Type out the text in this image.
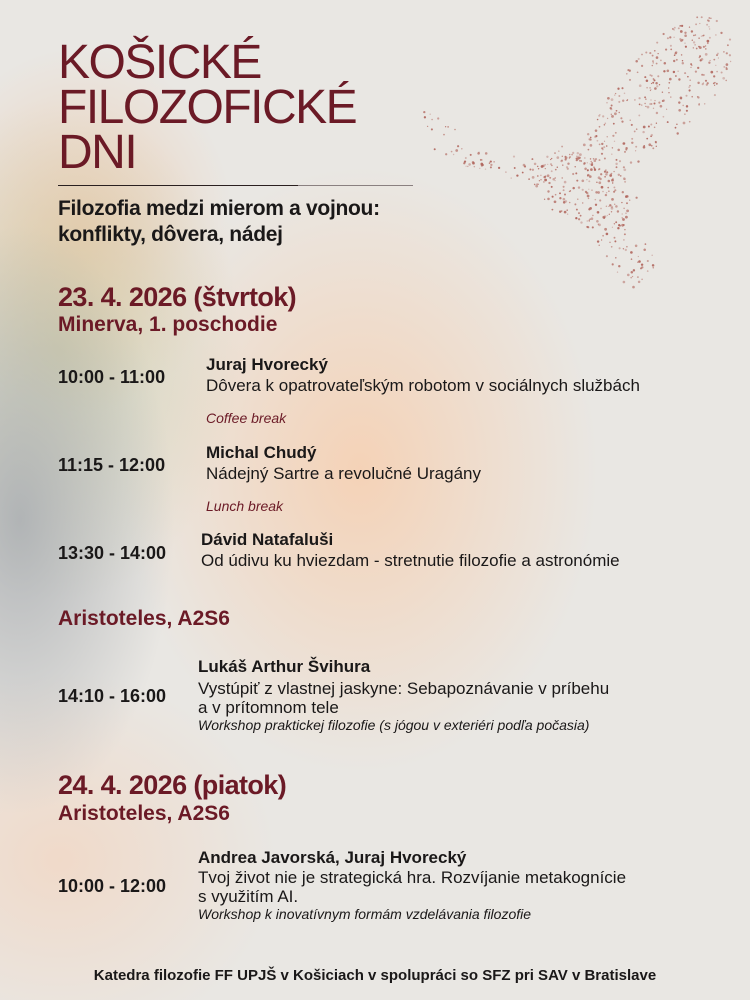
KOŠICKÉ
FILOZOFICKÉ
DNI
Filozofia medzi mierom a vojnou:
konflikty, dôvera, nádej
23. 4. 2026 (štvrtok)
Minerva, 1. poschodie
10:00 - 11:00
Juraj Hvorecký
Dôvera k opatrovateľským robotom v sociálnych službách
Coffee break
11:15 - 12:00
Michal Chudý
Nádejný Sartre a revolučné Uragány
Lunch break
13:30 - 14:00
Dávid Natafaluši
Od údivu ku hviezdam - stretnutie filozofie a astronómie
Aristoteles, A2S6
14:10 - 16:00
Lukáš Arthur Švihura
Vystúpiť z vlastnej jaskyne: Sebapoznávanie v príbehu
a v prítomnom tele
Workshop praktickej filozofie (s jógou v exteriéri podľa počasia)
24. 4. 2026 (piatok)
Aristoteles, A2S6
10:00 - 12:00
Andrea Javorská, Juraj Hvorecký
Tvoj život nie je strategická hra. Rozvíjanie metakognície
s využitím AI.
Workshop k inovatívnym formám vzdelávania filozofie
Katedra filozofie FF UPJŠ v Košiciach v spolupráci so SFZ pri SAV v Bratislave
